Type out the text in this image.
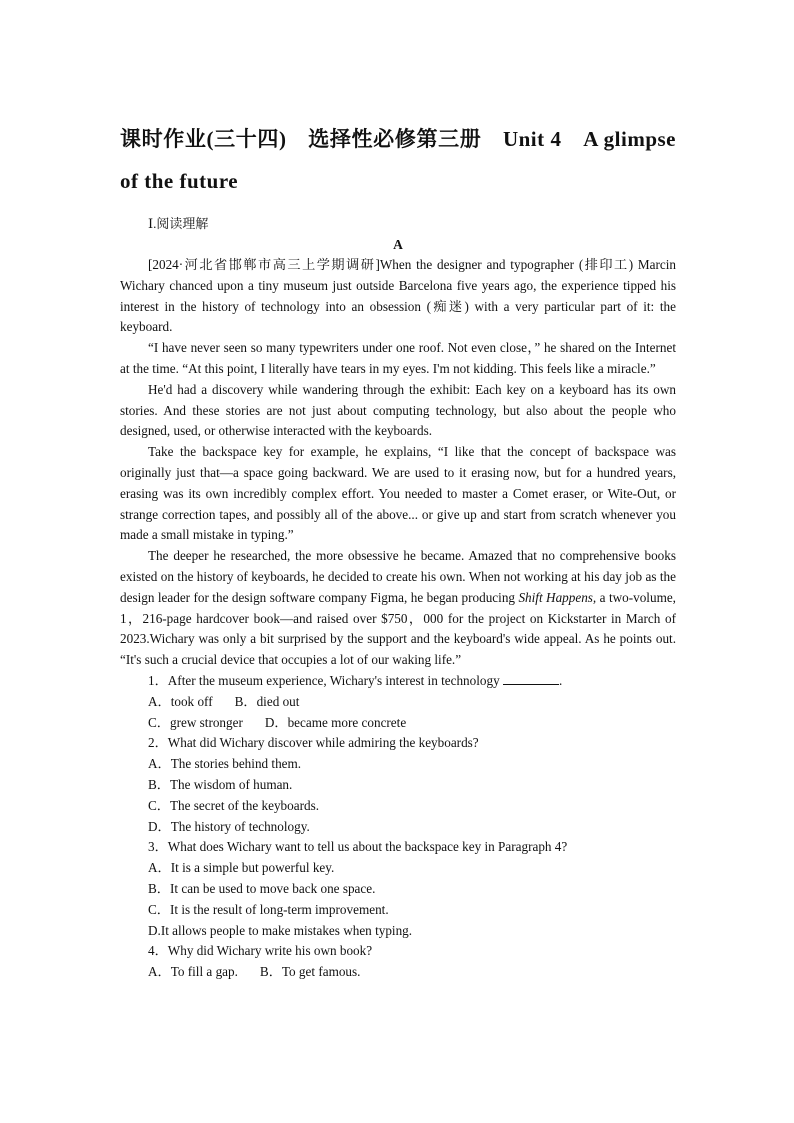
课时作业(三十四)　选择性必修第三册　Unit 4　A glimpse of the future
Ⅰ.阅读理解
A

[2024·河北省邯郸市高三上学期调研]When the designer and typographer (排印工) Marcin Wichary chanced upon a tiny museum just outside Barcelona five years ago, the experience tipped his interest in the history of technology into an obsession (痴迷) with a very particular part of it: the keyboard.

“I have never seen so many typewriters under one roof. Not even close，” he shared on the Internet at the time. “At this point, I literally have tears in my eyes. I'm not kidding. This feels like a miracle.”

He'd had a discovery while wandering through the exhibit: Each key on a keyboard has its own stories. And these stories are not just about computing technology, but also about the people who designed, used, or otherwise interacted with the keyboards.

Take the backspace key for example, he explains, “I like that the concept of backspace was originally just that—a space going backward. We are used to it erasing now, but for a hundred years, erasing was its own incredibly complex effort. You needed to master a Comet eraser, or Wite-Out, or strange correction tapes, and possibly all of the above... or give up and start from scratch whenever you made a small mistake in typing.”

The deeper he researched, the more obsessive he became. Amazed that no comprehensive books existed on the history of keyboards, he decided to create his own. When not working at his day job as the design leader for the design software company Figma, he began producing Shift Happens, a two-volume, 1，216-page hardcover book—and raised over $750，000 for the project on Kickstarter in March of 2023.Wichary was only a bit surprised by the support and the keyboard's wide appeal. As he points out. “It's such a crucial device that occupies a lot of our waking life.”

1．After the museum experience, Wichary's interest in technology	.

A．took off B．died out

C．grew stronger D．became more concrete

2．What did Wichary discover while admiring the keyboards?

A．The stories behind them.

B．The wisdom of human.

C．The secret of the keyboards.

D．The history of technology.

3．What does Wichary want to tell us about the backspace key in Paragraph 4?

A．It is a simple but powerful key.

B．It can be used to move back one space.

C．It is the result of long-term improvement.

D.It allows people to make mistakes when typing.

4．Why did Wichary write his own book?

A．To fill a gap. B．To get famous.
